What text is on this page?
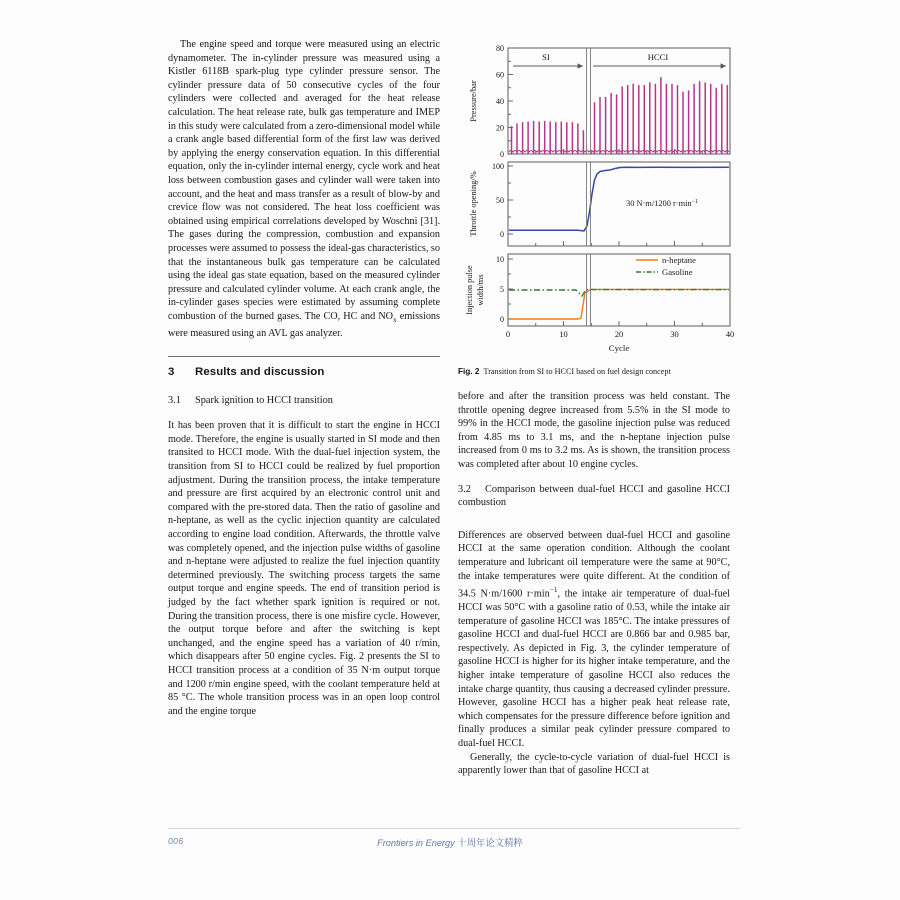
The engine speed and torque were measured using an electric dynamometer. The in-cylinder pressure was measured using a Kistler 6118B spark-plug type cylinder pressure sensor. The cylinder pressure data of 50 consecutive cycles of the four cylinders were collected and averaged for the heat release calculation. The heat release rate, bulk gas temperature and IMEP in this study were calculated from a zero-dimensional model while a crank angle based differential form of the first law was derived by applying the energy conservation equation. In this differential equation, only the in-cylinder internal energy, cycle work and heat loss between combustion gases and cylinder wall were taken into account, and the heat and mass transfer as a result of blow-by and crevice flow was not considered. The heat loss coefficient was obtained using empirical correlations developed by Woschni [31]. The gases during the compression, combustion and expansion processes were assumed to possess the ideal-gas characteristics, so that the instantaneous bulk gas temperature can be calculated using the ideal gas state equation, based on the measured cylinder pressure and calculated cylinder volume. At each crank angle, the in-cylinder gases species were estimated by assuming complete combustion of the burned gases. The CO, HC and $NO_x$ emissions were measured using an AVL gas analyzer.

3 Results and discussion
3.1 Spark ignition to HCCI transition

It has been proven that it is difficult to start the engine in HCCI mode. Therefore, the engine is usually started in SI mode and then transited to HCCI mode. With the dual-fuel injection system, the transition from SI to HCCI could be realized by fuel proportion adjustment. During the transition process, the intake temperature and pressure are first acquired by an electronic control unit and compared with the pre-stored data. Then the ratio of gasoline and n-heptane, as well as the cyclic injection quantity are calculated according to engine load condition. Afterwards, the throttle valve was completely opened, and the injection pulse widths of gasoline and n-heptane were adjusted to realize the fuel injection quantity determined previously. The switching process targets the same output torque and engine speeds. The end of transition period is judged by the fact whether spark ignition is required or not. During the transition process, there is one misfire cycle. However, the output torque before and after the switching is kept unchanged, and the engine speed has a variation of 40 r/min, which disappears after 50 engine cycles. Fig. 2 presents the SI to HCCI transition process at a condition of 35 N·m output torque and 1200 r/min engine speed, with the coolant temperature held at 85 °C. The whole transition process was in an open loop control and the engine torque

0
20
40
60
80
Pressure/bar
SI	HCCI
0
50
100
Throttle opening/%	30 N·m/1200 $r\cdot\min^{-1}$
0
5
10
Injection pulse width/ms
0	10	20	30	40
Cycle
n-heptane
Gasoline
Fig. 2 Transition from SI to HCCI based on fuel design concept

before and after the transition process was held constant. The throttle opening degree increased from 5.5% in the SI mode to 99% in the HCCI mode, the gasoline injection pulse was reduced from 4.85 ms to 3.1 ms, and the n-heptane injection pulse increased from 0 ms to 3.2 ms. As is shown, the transition process was completed after about 10 engine cycles.

3.2 Comparison between dual-fuel HCCI and gasoline HCCI combustion

Differences are observed between dual-fuel HCCI and gasoline HCCI at the same operation condition. Although the coolant temperature and lubricant oil temperature were the same at 90°C, the intake temperatures were quite different. At the condition of 34.5 N·m/1600 $r\cdot\min^{-1}$, the intake air temperature of dual-fuel HCCI was 50°C with a gasoline ratio of 0.53, while the intake air temperature of gasoline HCCI was 185°C. The intake pressures of gasoline HCCI and dual-fuel HCCI are 0.866 bar and 0.985 bar, respectively. As depicted in Fig. 3, the cylinder temperature of gasoline HCCI is higher for its higher intake temperature, and the higher intake temperature of gasoline HCCI also reduces the intake charge quantity, thus causing a decreased cylinder pressure. However, gasoline HCCI has a higher peak heat release rate, which compensates for the pressure difference before ignition and finally produces a similar peak cylinder pressure compared to dual-fuel HCCI.

Generally, the cycle-to-cycle variation of dual-fuel HCCI is apparently lower than that of gasoline HCCI at

006	Frontiers in Energy 十周年论文精粹
